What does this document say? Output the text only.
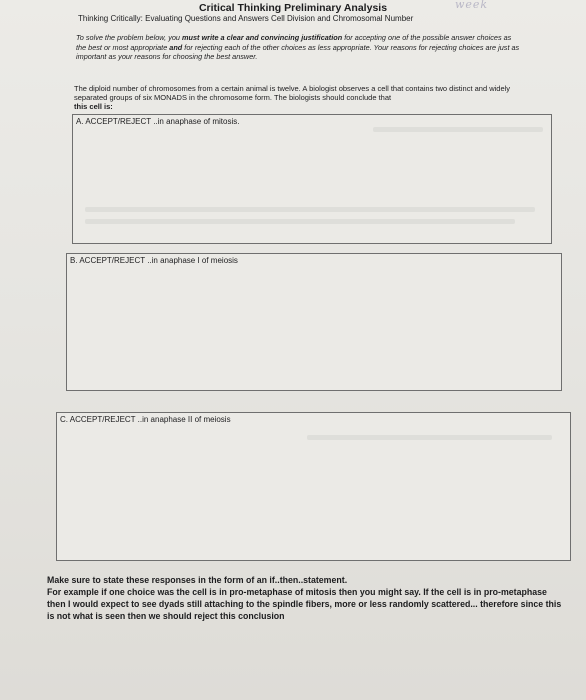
Critical Thinking Preliminary Analysis	week
Thinking Critically: Evaluating Questions and Answers Cell Division and Chromosomal Number
To solve the problem below, you must write a clear and convincing justification for accepting one of the possible answer choices as the best or most appropriate and for rejecting each of the other choices as less appropriate. Your reasons for rejecting choices are just as important as your reasons for choosing the best answer.
The diploid number of chromosomes from a certain animal is twelve. A biologist observes a cell that contains two distinct and widely separated groups of six MONADS in the chromosome form. The biologists should conclude that
this cell is:
A. ACCEPT/REJECT ..in anaphase of mitosis.
B. ACCEPT/REJECT ..in anaphase I of meiosis
C. ACCEPT/REJECT ..in anaphase II of meiosis

Make sure to state these responses in the form of an if..then..statement.

For example if one choice was the cell is in pro-metaphase of mitosis then you might say. If the cell is in pro-metaphase then I would expect to see dyads still attaching to the spindle fibers, more or less randomly scattered... therefore since this is not what is seen then we should reject this conclusion
